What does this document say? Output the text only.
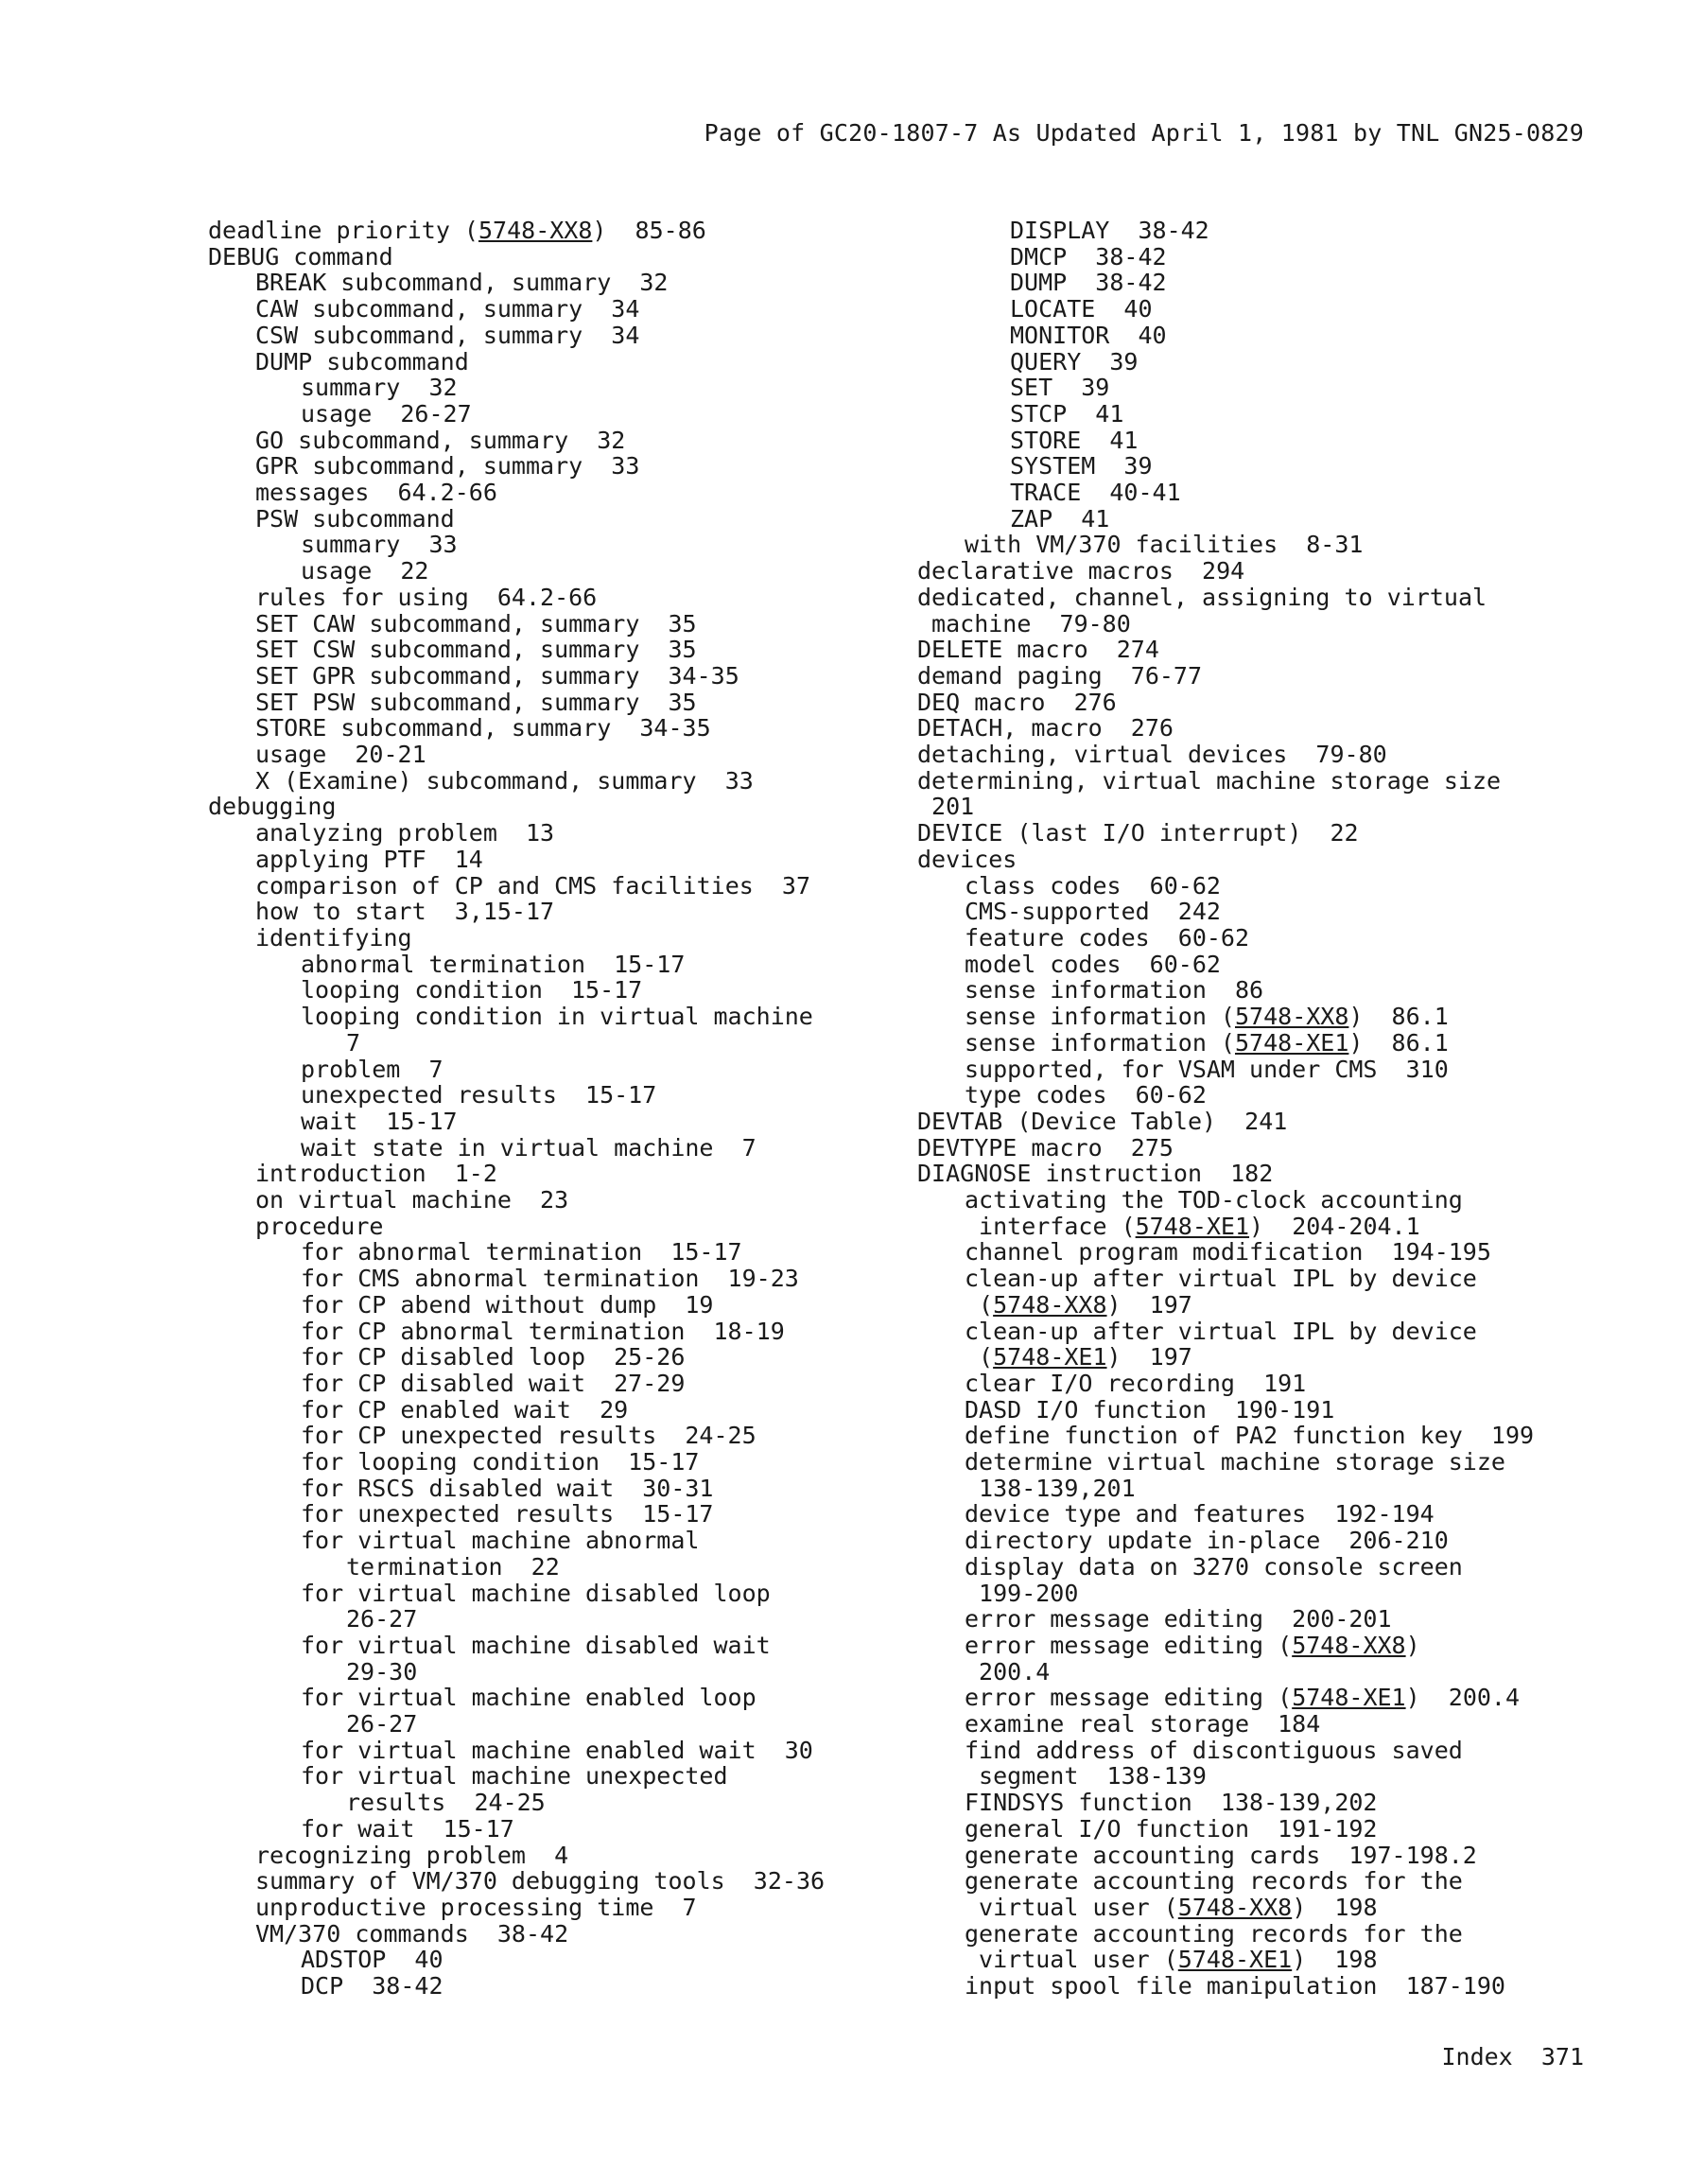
Page of GC20-1807-7 As Updated April 1, 1981 by TNL GN25-0829

deadline priority (5748-XX8)  85-86

DEBUG command

BREAK subcommand, summary  32

CAW subcommand, summary  34

CSW subcommand, summary  34

DUMP subcommand

summary  32

usage  26-27

GO subcommand, summary  32

GPR subcommand, summary  33

messages  64.2-66

PSW subcommand

summary  33

usage  22

rules for using  64.2-66

SET CAW subcommand, summary  35

SET CSW subcommand, summary  35

SET GPR subcommand, summary  34-35

SET PSW subcommand, summary  35

STORE subcommand, summary  34-35

usage  20-21

X (Examine) subcommand, summary  33

debugging

analyzing problem  13

applying PTF  14

comparison of CP and CMS facilities  37

how to start  3,15-17

identifying

abnormal termination  15-17

looping condition  15-17

looping condition in virtual machine

7

problem  7

unexpected results  15-17

wait  15-17

wait state in virtual machine  7

introduction  1-2

on virtual machine  23

procedure

for abnormal termination  15-17

for CMS abnormal termination  19-23

for CP abend without dump  19

for CP abnormal termination  18-19

for CP disabled loop  25-26

for CP disabled wait  27-29

for CP enabled wait  29

for CP unexpected results  24-25

for looping condition  15-17

for RSCS disabled wait  30-31

for unexpected results  15-17

for virtual machine abnormal

termination  22

for virtual machine disabled loop

26-27

for virtual machine disabled wait

29-30

for virtual machine enabled loop

26-27

for virtual machine enabled wait  30

for virtual machine unexpected

results  24-25

for wait  15-17

recognizing problem  4

summary of VM/370 debugging tools  32-36

unproductive processing time  7

VM/370 commands  38-42

ADSTOP  40

DCP  38-42

DISPLAY  38-42

DMCP  38-42

DUMP  38-42

LOCATE  40

MONITOR  40

QUERY  39

SET  39

STCP  41

STORE  41

SYSTEM  39

TRACE  40-41

ZAP  41

with VM/370 facilities  8-31

declarative macros  294

dedicated, channel, assigning to virtual

machine  79-80

DELETE macro  274

demand paging  76-77

DEQ macro  276

DETACH, macro  276

detaching, virtual devices  79-80

determining, virtual machine storage size

201

DEVICE (last I/O interrupt)  22

devices

class codes  60-62

CMS-supported  242

feature codes  60-62

model codes  60-62

sense information  86

sense information (5748-XX8)  86.1

sense information (5748-XE1)  86.1

supported, for VSAM under CMS  310

type codes  60-62

DEVTAB (Device Table)  241

DEVTYPE macro  275

DIAGNOSE instruction  182

activating the TOD-clock accounting

interface (5748-XE1)  204-204.1

channel program modification  194-195

clean-up after virtual IPL by device

(5748-XX8)  197

clean-up after virtual IPL by device

(5748-XE1)  197

clear I/O recording  191

DASD I/O function  190-191

define function of PA2 function key  199

determine virtual machine storage size

138-139,201

device type and features  192-194

directory update in-place  206-210

display data on 3270 console screen

199-200

error message editing  200-201

error message editing (5748-XX8)

200.4

error message editing (5748-XE1)  200.4

examine real storage  184

find address of discontiguous saved

segment  138-139

FINDSYS function  138-139,202

general I/O function  191-192

generate accounting cards  197-198.2

generate accounting records for the

virtual user (5748-XX8)  198

generate accounting records for the

virtual user (5748-XE1)  198

input spool file manipulation  187-190

Index 371
